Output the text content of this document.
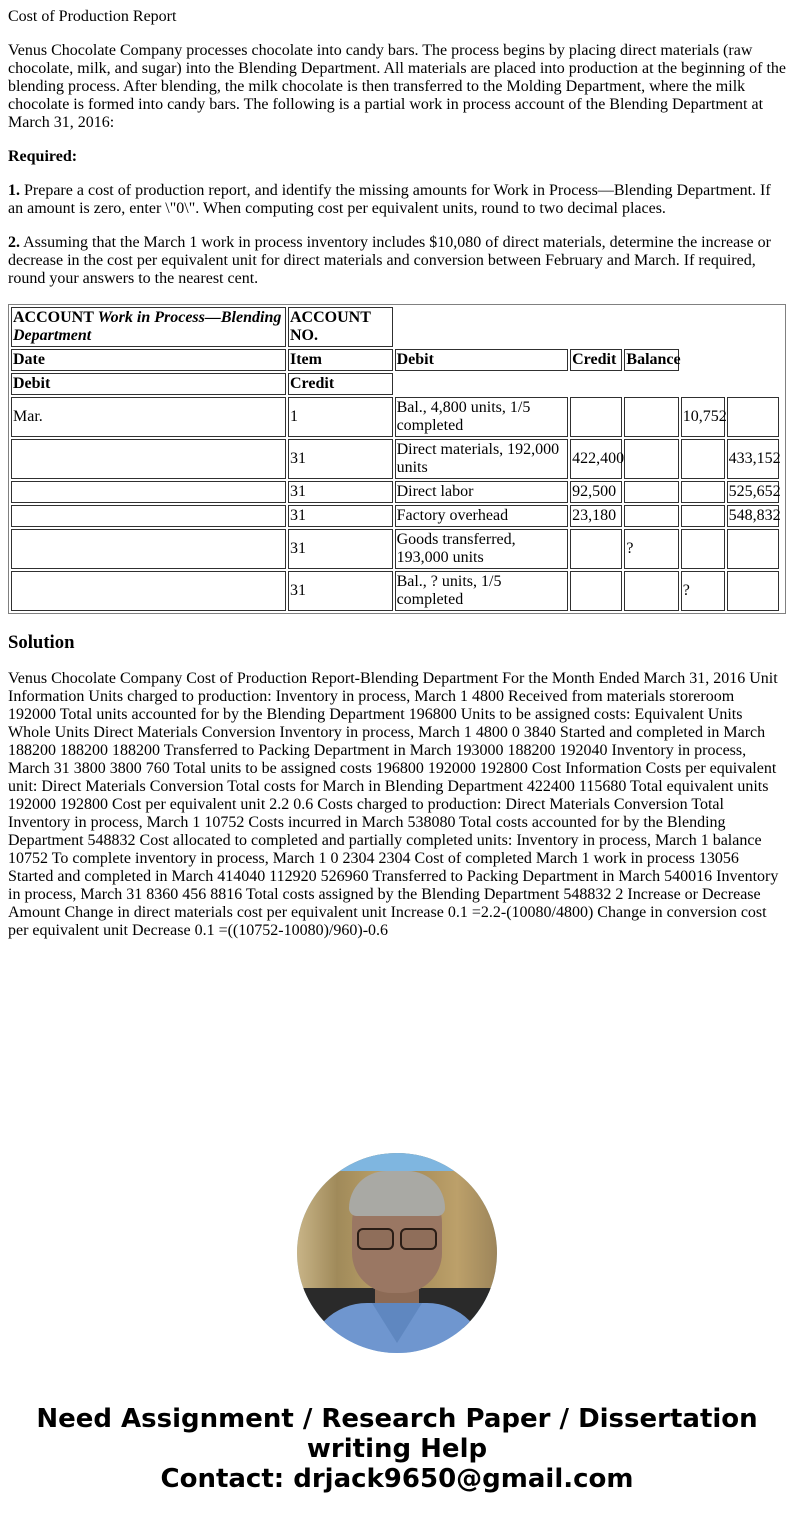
Cost of Production Report

Venus Chocolate Company processes chocolate into candy bars. The process begins by placing direct materials (raw chocolate, milk, and sugar) into the Blending Department. All materials are placed into production at the beginning of the blending process. After blending, the milk chocolate is then transferred to the Molding Department, where the milk chocolate is formed into candy bars. The following is a partial work in process account of the Blending Department at March 31, 2016:

Required:

1. Prepare a cost of production report, and identify the missing amounts for Work in Process—Blending Department. If an amount is zero, enter \"0\". When computing cost per equivalent units, round to two decimal places.

2. Assuming that the March 1 work in process inventory includes $10,080 of direct materials, determine the increase or decrease in the cost per equivalent unit for direct materials and conversion between February and March. If required, round your answers to the nearest cent.

ACCOUNT Work in Process—Blending Department	ACCOUNT NO.							
Date	Item	Debit	Credit	Balance				
Debit	Credit							
Mar.	1	Bal., 4,800 units, 1/5 completed			10,752			
	31	Direct materials, 192,000 units	422,400			433,152		
	31	Direct labor	92,500			525,652		
	31	Factory overhead	23,180			548,832		
	31	Goods transferred, 193,000 units		?				
	31	Bal., ? units, 1/5 completed			?			
Solution

Venus Chocolate Company Cost of Production Report-Blending Department For the Month Ended March 31, 2016 Unit Information Units charged to production: Inventory in process, March 1 4800 Received from materials storeroom 192000 Total units accounted for by the Blending Department 196800 Units to be assigned costs: Equivalent Units Whole Units Direct Materials Conversion Inventory in process, March 1 4800 0 3840 Started and completed in March 188200 188200 188200 Transferred to Packing Department in March 193000 188200 192040 Inventory in process, March 31 3800 3800 760 Total units to be assigned costs 196800 192000 192800 Cost Information Costs per equivalent unit: Direct Materials Conversion Total costs for March in Blending Department 422400 115680 Total equivalent units 192000 192800 Cost per equivalent unit 2.2 0.6 Costs charged to production: Direct Materials Conversion Total Inventory in process, March 1 10752 Costs incurred in March 538080 Total costs accounted for by the Blending Department 548832 Cost allocated to completed and partially completed units: Inventory in process, March 1 balance 10752 To complete inventory in process, March 1 0 2304 2304 Cost of completed March 1 work in process 13056 Started and completed in March 414040 112920 526960 Transferred to Packing Department in March 540016 Inventory in process, March 31 8360 456 8816 Total costs assigned by the Blending Department 548832 2 Increase or Decrease Amount Change in direct materials cost per equivalent unit Increase 0.1 =2.2-(10080/4800) Change in conversion cost per equivalent unit Decrease 0.1 =((10752-10080)/960)-0.6

Need Assignment / Research Paper / Dissertation
writing Help
Contact: drjack9650@gmail.com
